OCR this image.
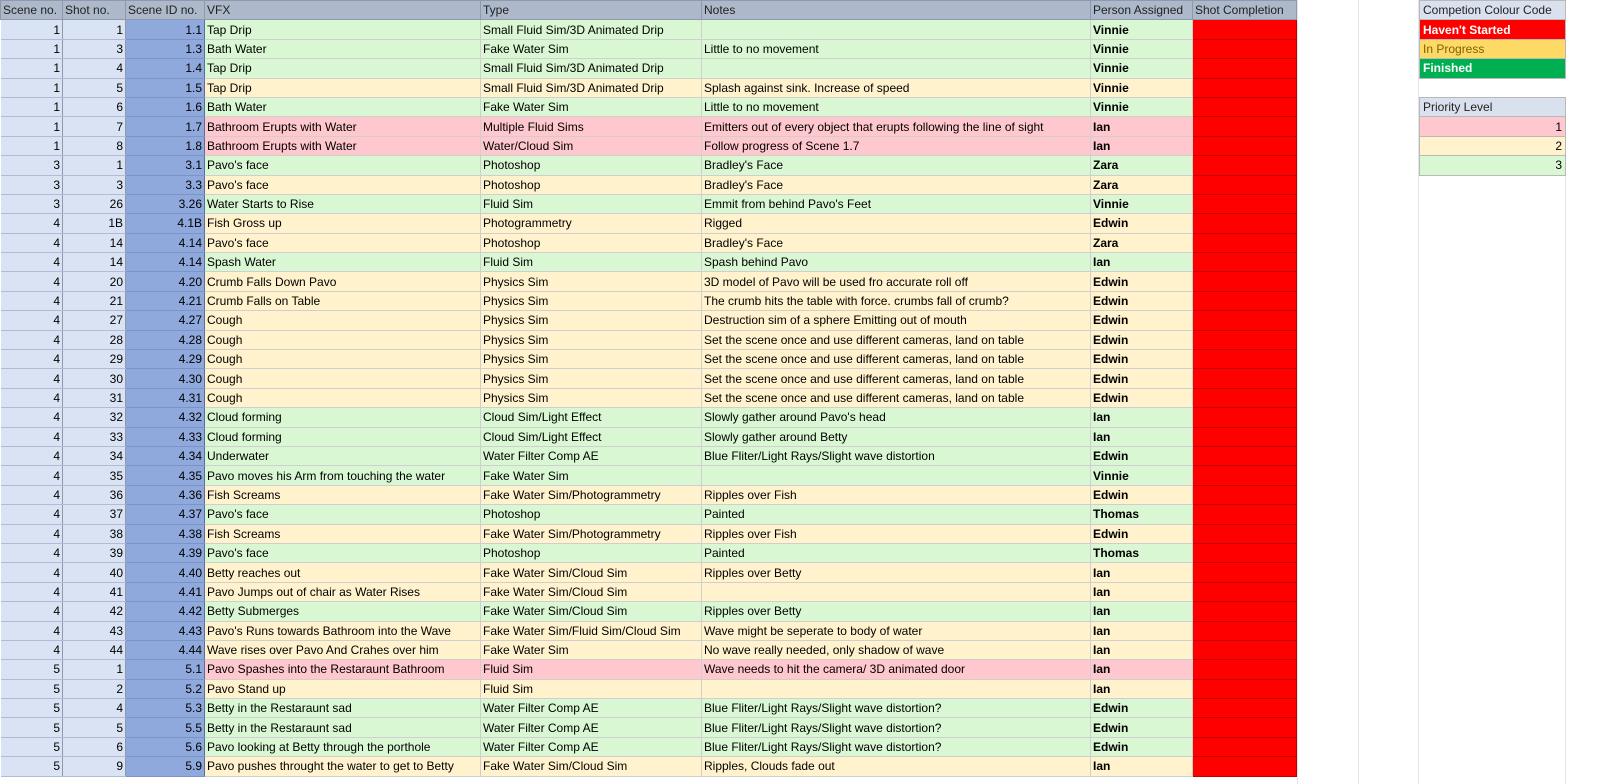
Scene no.	Shot no.	Scene ID no.	VFX	Type	Notes	Person Assigned	Shot Completion
1	1	1.1	Tap Drip	Small Fluid Sim/3D Animated Drip		Vinnie	
1	3	1.3	Bath Water	Fake Water Sim	Little to no movement	Vinnie	
1	4	1.4	Tap Drip	Small Fluid Sim/3D Animated Drip		Vinnie	
1	5	1.5	Tap Drip	Small Fluid Sim/3D Animated Drip	Splash against sink. Increase of speed	Vinnie	
1	6	1.6	Bath Water	Fake Water Sim	Little to no movement	Vinnie	
1	7	1.7	Bathroom Erupts with Water	Multiple Fluid Sims	Emitters out of every object that erupts following the line of sight	Ian	
1	8	1.8	Bathroom Erupts with Water	Water/Cloud Sim	Follow progress of Scene 1.7	Ian	
3	1	3.1	Pavo's face	Photoshop	Bradley's Face	Zara	
3	3	3.3	Pavo's face	Photoshop	Bradley's Face	Zara	
3	26	3.26	Water Starts to Rise	Fluid Sim	Emmit from behind Pavo's Feet	Vinnie	
4	1B	4.1B	Fish Gross up	Photogrammetry	Rigged	Edwin	
4	14	4.14	Pavo's face	Photoshop	Bradley's Face	Zara	
4	14	4.14	Spash Water	Fluid Sim	Spash behind Pavo	Ian	
4	20	4.20	Crumb Falls Down Pavo	Physics Sim	3D model of Pavo will be used fro accurate roll off	Edwin	
4	21	4.21	Crumb Falls on Table	Physics Sim	The crumb hits the table with force. crumbs fall of crumb?	Edwin	
4	27	4.27	Cough	Physics Sim	Destruction sim of a sphere Emitting out of mouth	Edwin	
4	28	4.28	Cough	Physics Sim	Set the scene once and use different cameras, land on table	Edwin	
4	29	4.29	Cough	Physics Sim	Set the scene once and use different cameras, land on table	Edwin	
4	30	4.30	Cough	Physics Sim	Set the scene once and use different cameras, land on table	Edwin	
4	31	4.31	Cough	Physics Sim	Set the scene once and use different cameras, land on table	Edwin	
4	32	4.32	Cloud forming	Cloud Sim/Light Effect	Slowly gather around Pavo's head	Ian	
4	33	4.33	Cloud forming	Cloud Sim/Light Effect	Slowly gather around Betty	Ian	
4	34	4.34	Underwater	Water Filter Comp AE	Blue Fliter/Light Rays/Slight wave distortion	Edwin	
4	35	4.35	Pavo moves his Arm from touching the water	Fake Water Sim		Vinnie	
4	36	4.36	Fish Screams	Fake Water Sim/Photogrammetry	Ripples over Fish	Edwin	
4	37	4.37	Pavo's face	Photoshop	Painted	Thomas	
4	38	4.38	Fish Screams	Fake Water Sim/Photogrammetry	Ripples over Fish	Edwin	
4	39	4.39	Pavo's face	Photoshop	Painted	Thomas	
4	40	4.40	Betty reaches out	Fake Water Sim/Cloud Sim	Ripples over Betty	Ian	
4	41	4.41	Pavo Jumps out of chair as Water Rises	Fake Water Sim/Cloud Sim		Ian	
4	42	4.42	Betty Submerges	Fake Water Sim/Cloud Sim	Ripples over Betty	Ian	
4	43	4.43	Pavo's Runs towards Bathroom into the Wave	Fake Water Sim/Fluid Sim/Cloud Sim	Wave might be seperate to body of water	Ian	
4	44	4.44	Wave rises over Pavo And Crahes over him	Fake Water Sim	No wave really needed, only shadow of wave	Ian	
5	1	5.1	Pavo Spashes into the Restaraunt Bathroom	Fluid Sim	Wave needs to hit the camera/ 3D animated door	Ian	
5	2	5.2	Pavo Stand up	Fluid Sim		Ian	
5	4	5.3	Betty in the Restaraunt sad	Water Filter Comp AE	Blue Fliter/Light Rays/Slight wave distortion?	Edwin	
5	5	5.5	Betty in the Restaraunt sad	Water Filter Comp AE	Blue Fliter/Light Rays/Slight wave distortion?	Edwin	
5	6	5.6	Pavo looking at Betty through the porthole	Water Filter Comp AE	Blue Fliter/Light Rays/Slight wave distortion?	Edwin	
5	9	5.9	Pavo pushes throught the water to get to Betty	Fake Water Sim/Cloud Sim	Ripples, Clouds fade out	Ian	
Competion Colour Code
Haven't Started
In Progress
Finished

Priority Level
1
2
3
